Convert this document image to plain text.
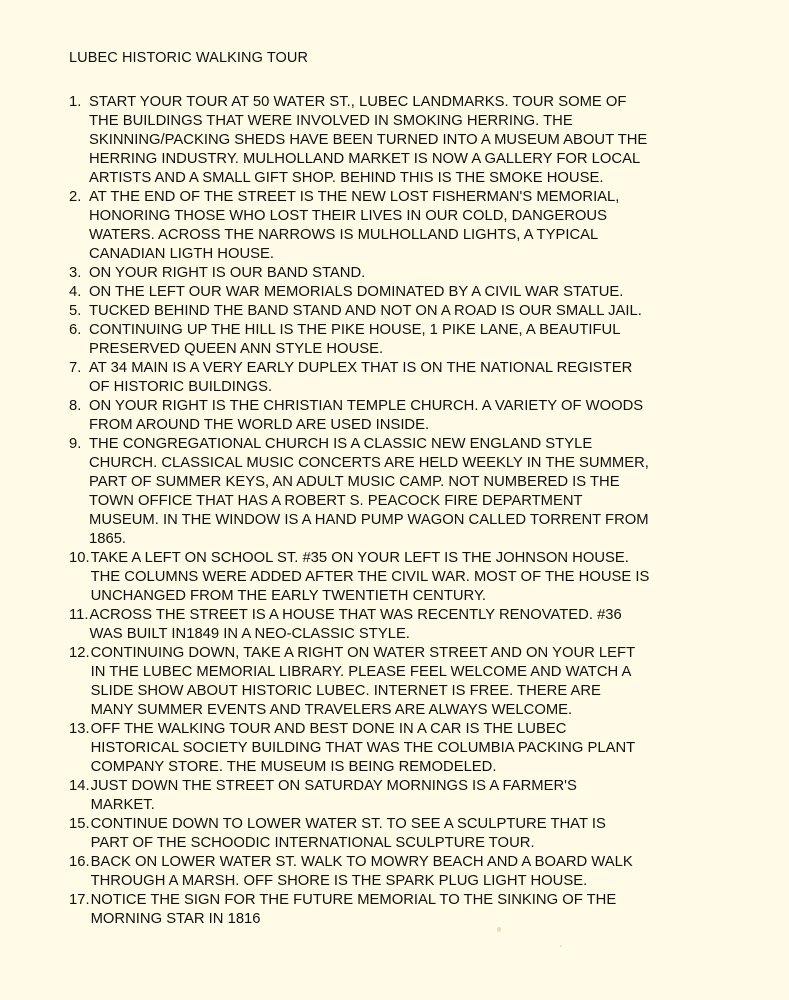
LUBEC HISTORIC WALKING TOUR
1. START YOUR TOUR AT 50 WATER ST., LUBEC LANDMARKS. TOUR SOME OF
THE BUILDINGS THAT WERE INVOLVED IN SMOKING HERRING. THE
SKINNING/PACKING SHEDS HAVE BEEN TURNED INTO A MUSEUM ABOUT THE
HERRING INDUSTRY. MULHOLLAND MARKET IS NOW A GALLERY FOR LOCAL
ARTISTS AND A SMALL GIFT SHOP. BEHIND THIS IS THE SMOKE HOUSE.
2. AT THE END OF THE STREET IS THE NEW LOST FISHERMAN'S MEMORIAL,
HONORING THOSE WHO LOST THEIR LIVES IN OUR COLD, DANGEROUS
WATERS. ACROSS THE NARROWS IS MULHOLLAND LIGHTS, A TYPICAL
CANADIAN LIGTH HOUSE.
3. ON YOUR RIGHT IS OUR BAND STAND.
4. ON THE LEFT OUR WAR MEMORIALS DOMINATED BY A CIVIL WAR STATUE.
5. TUCKED BEHIND THE BAND STAND AND NOT ON A ROAD IS OUR SMALL JAIL.
6. CONTINUING UP THE HILL IS THE PIKE HOUSE, 1 PIKE LANE, A BEAUTIFUL
PRESERVED QUEEN ANN STYLE HOUSE.
7. AT 34 MAIN IS A VERY EARLY DUPLEX THAT IS ON THE NATIONAL REGISTER
OF HISTORIC BUILDINGS.
8. ON YOUR RIGHT IS THE CHRISTIAN TEMPLE CHURCH. A VARIETY OF WOODS
FROM AROUND THE WORLD ARE USED INSIDE.
9. THE CONGREGATIONAL CHURCH IS A CLASSIC NEW ENGLAND STYLE
CHURCH. CLASSICAL MUSIC CONCERTS ARE HELD WEEKLY IN THE SUMMER,
PART OF SUMMER KEYS, AN ADULT MUSIC CAMP. NOT NUMBERED IS THE
TOWN OFFICE THAT HAS A ROBERT S. PEACOCK FIRE DEPARTMENT
MUSEUM. IN THE WINDOW IS A HAND PUMP WAGON CALLED TORRENT FROM
1865.
10. TAKE A LEFT ON SCHOOL ST. #35 ON YOUR LEFT IS THE JOHNSON HOUSE.
THE COLUMNS WERE ADDED AFTER THE CIVIL WAR. MOST OF THE HOUSE IS
UNCHANGED FROM THE EARLY TWENTIETH CENTURY.
11. ACROSS THE STREET IS A HOUSE THAT WAS RECENTLY RENOVATED. #36
WAS BUILT IN1849 IN A NEO-CLASSIC STYLE.
12. CONTINUING DOWN, TAKE A RIGHT ON WATER STREET AND ON YOUR LEFT
IN THE LUBEC MEMORIAL LIBRARY. PLEASE FEEL WELCOME AND WATCH A
SLIDE SHOW ABOUT HISTORIC LUBEC. INTERNET IS FREE. THERE ARE
MANY SUMMER EVENTS AND TRAVELERS ARE ALWAYS WELCOME.
13. OFF THE WALKING TOUR AND BEST DONE IN A CAR IS THE LUBEC
HISTORICAL SOCIETY BUILDING THAT WAS THE COLUMBIA PACKING PLANT
COMPANY STORE. THE MUSEUM IS BEING REMODELED.
14. JUST DOWN THE STREET ON SATURDAY MORNINGS IS A FARMER'S
MARKET.
15. CONTINUE DOWN TO LOWER WATER ST. TO SEE A SCULPTURE THAT IS
PART OF THE SCHOODIC INTERNATIONAL SCULPTURE TOUR.
16. BACK ON LOWER WATER ST. WALK TO MOWRY BEACH AND A BOARD WALK
THROUGH A MARSH. OFF SHORE IS THE SPARK PLUG LIGHT HOUSE.
17. NOTICE THE SIGN FOR THE FUTURE MEMORIAL TO THE SINKING OF THE
MORNING STAR IN 1816
